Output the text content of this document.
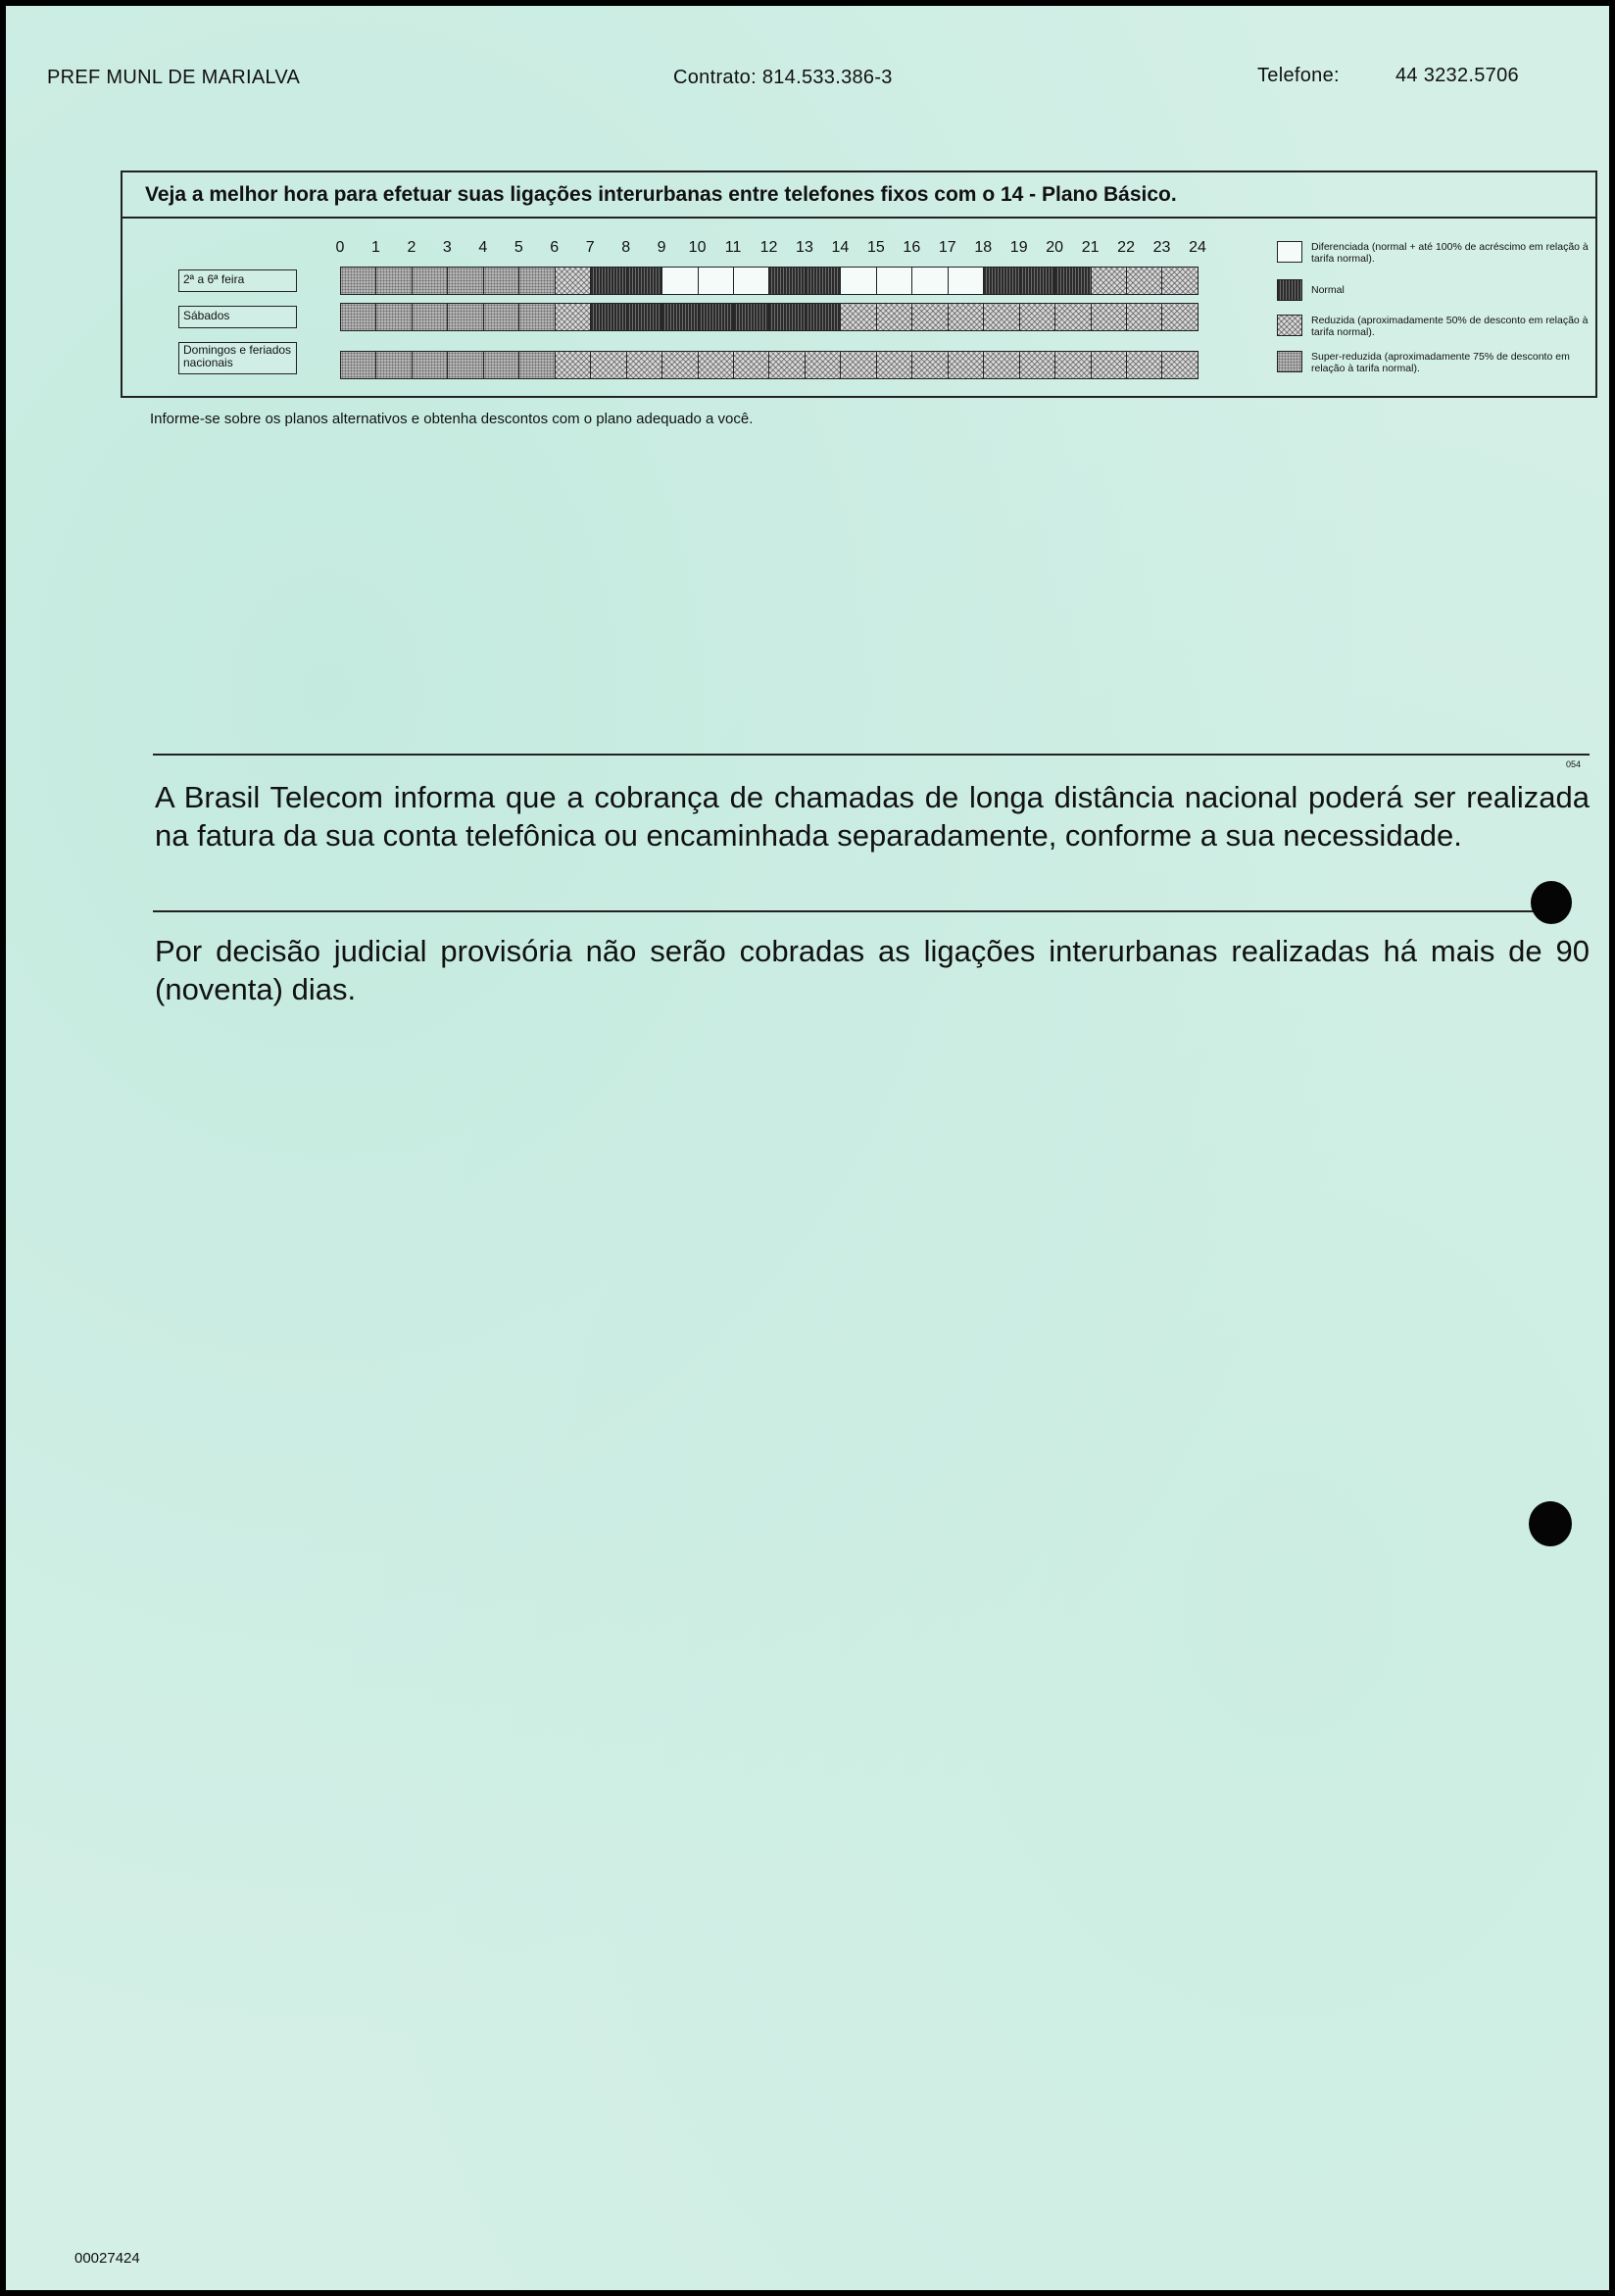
PREF MUNL DE MARIALVA	Contrato: 814.533.386-3	Telefone:	44 3232.5706
Veja a melhor hora para efetuar suas ligações interurbanas entre telefones fixos com o 14 - Plano Básico.
0 1 2 3 4 5 6 7 8 9 10 11 12 13 14 15 16 17 18 19 20 21 22 23 24
2ª a 6ª feira
Sábados
Domingos e feriados nacionais
Diferenciada (normal + até 100% de acréscimo em relação à tarifa normal).
Normal
Reduzida (aproximadamente 50% de desconto em relação à tarifa normal).
Super-reduzida (aproximadamente 75% de desconto em relação à tarifa normal).
Informe-se sobre os planos alternativos e obtenha descontos com o plano adequado a você.
054
A Brasil Telecom informa que a cobrança de chamadas de longa distância nacional poderá ser realizada na fatura da sua conta telefônica ou encaminhada separadamente, conforme a sua necessidade.
Por decisão judicial provisória não serão cobradas as ligações interurbanas realizadas há mais de 90 (noventa) dias.
00027424
